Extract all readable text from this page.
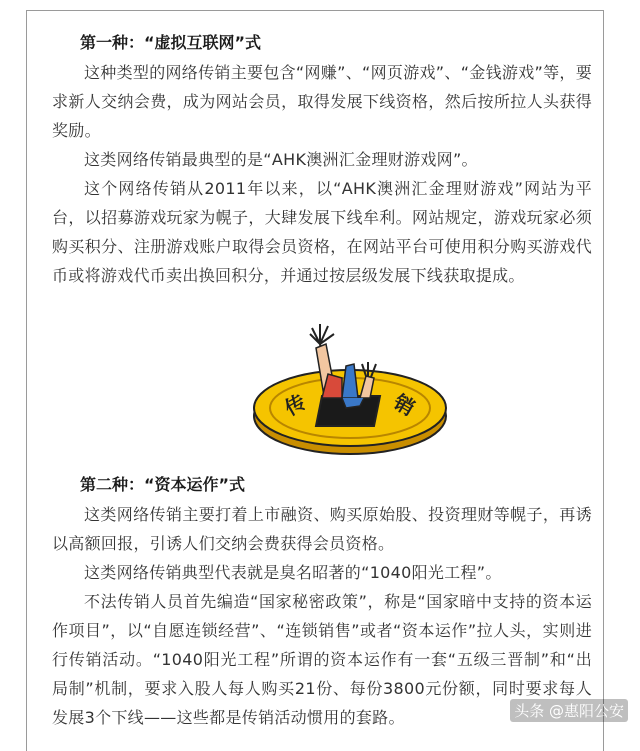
第一种：“虚拟互联网”式

这种类型的网络传销主要包含“网赚”、“网页游戏”、“金钱游戏”等，要求新人交纳会费，成为网站会员，取得发展下线资格，然后按所拉人头获得奖励。

这类网络传销最典型的是“AHK澳洲汇金理财游戏网”。

这个网络传销从2011年以来，以“AHK澳洲汇金理财游戏”网站为平台，以招募游戏玩家为幌子，大肆发展下线牟利。网站规定，游戏玩家必须购买积分、注册游戏账户取得会员资格，在网站平台可使用积分购买游戏代币或将游戏代币卖出换回积分，并通过按层级发展下线获取提成。

传	销

第二种：“资本运作”式

这类网络传销主要打着上市融资、购买原始股、投资理财等幌子，再诱以高额回报，引诱人们交纳会费获得会员资格。

这类网络传销典型代表就是臭名昭著的“1040阳光工程”。

不法传销人员首先编造“国家秘密政策”，称是“国家暗中支持的资本运作项目”，以“自愿连锁经营”、“连锁销售”或者“资本运作”拉人头，实则进行传销活动。“1040阳光工程”所谓的资本运作有一套“五级三晋制”和“出局制”机制，要求入股人每人购买21份、每份3800元份额，同时要求每人发展3个下线——这些都是传销活动惯用的套路。	头条 @惠阳公安
